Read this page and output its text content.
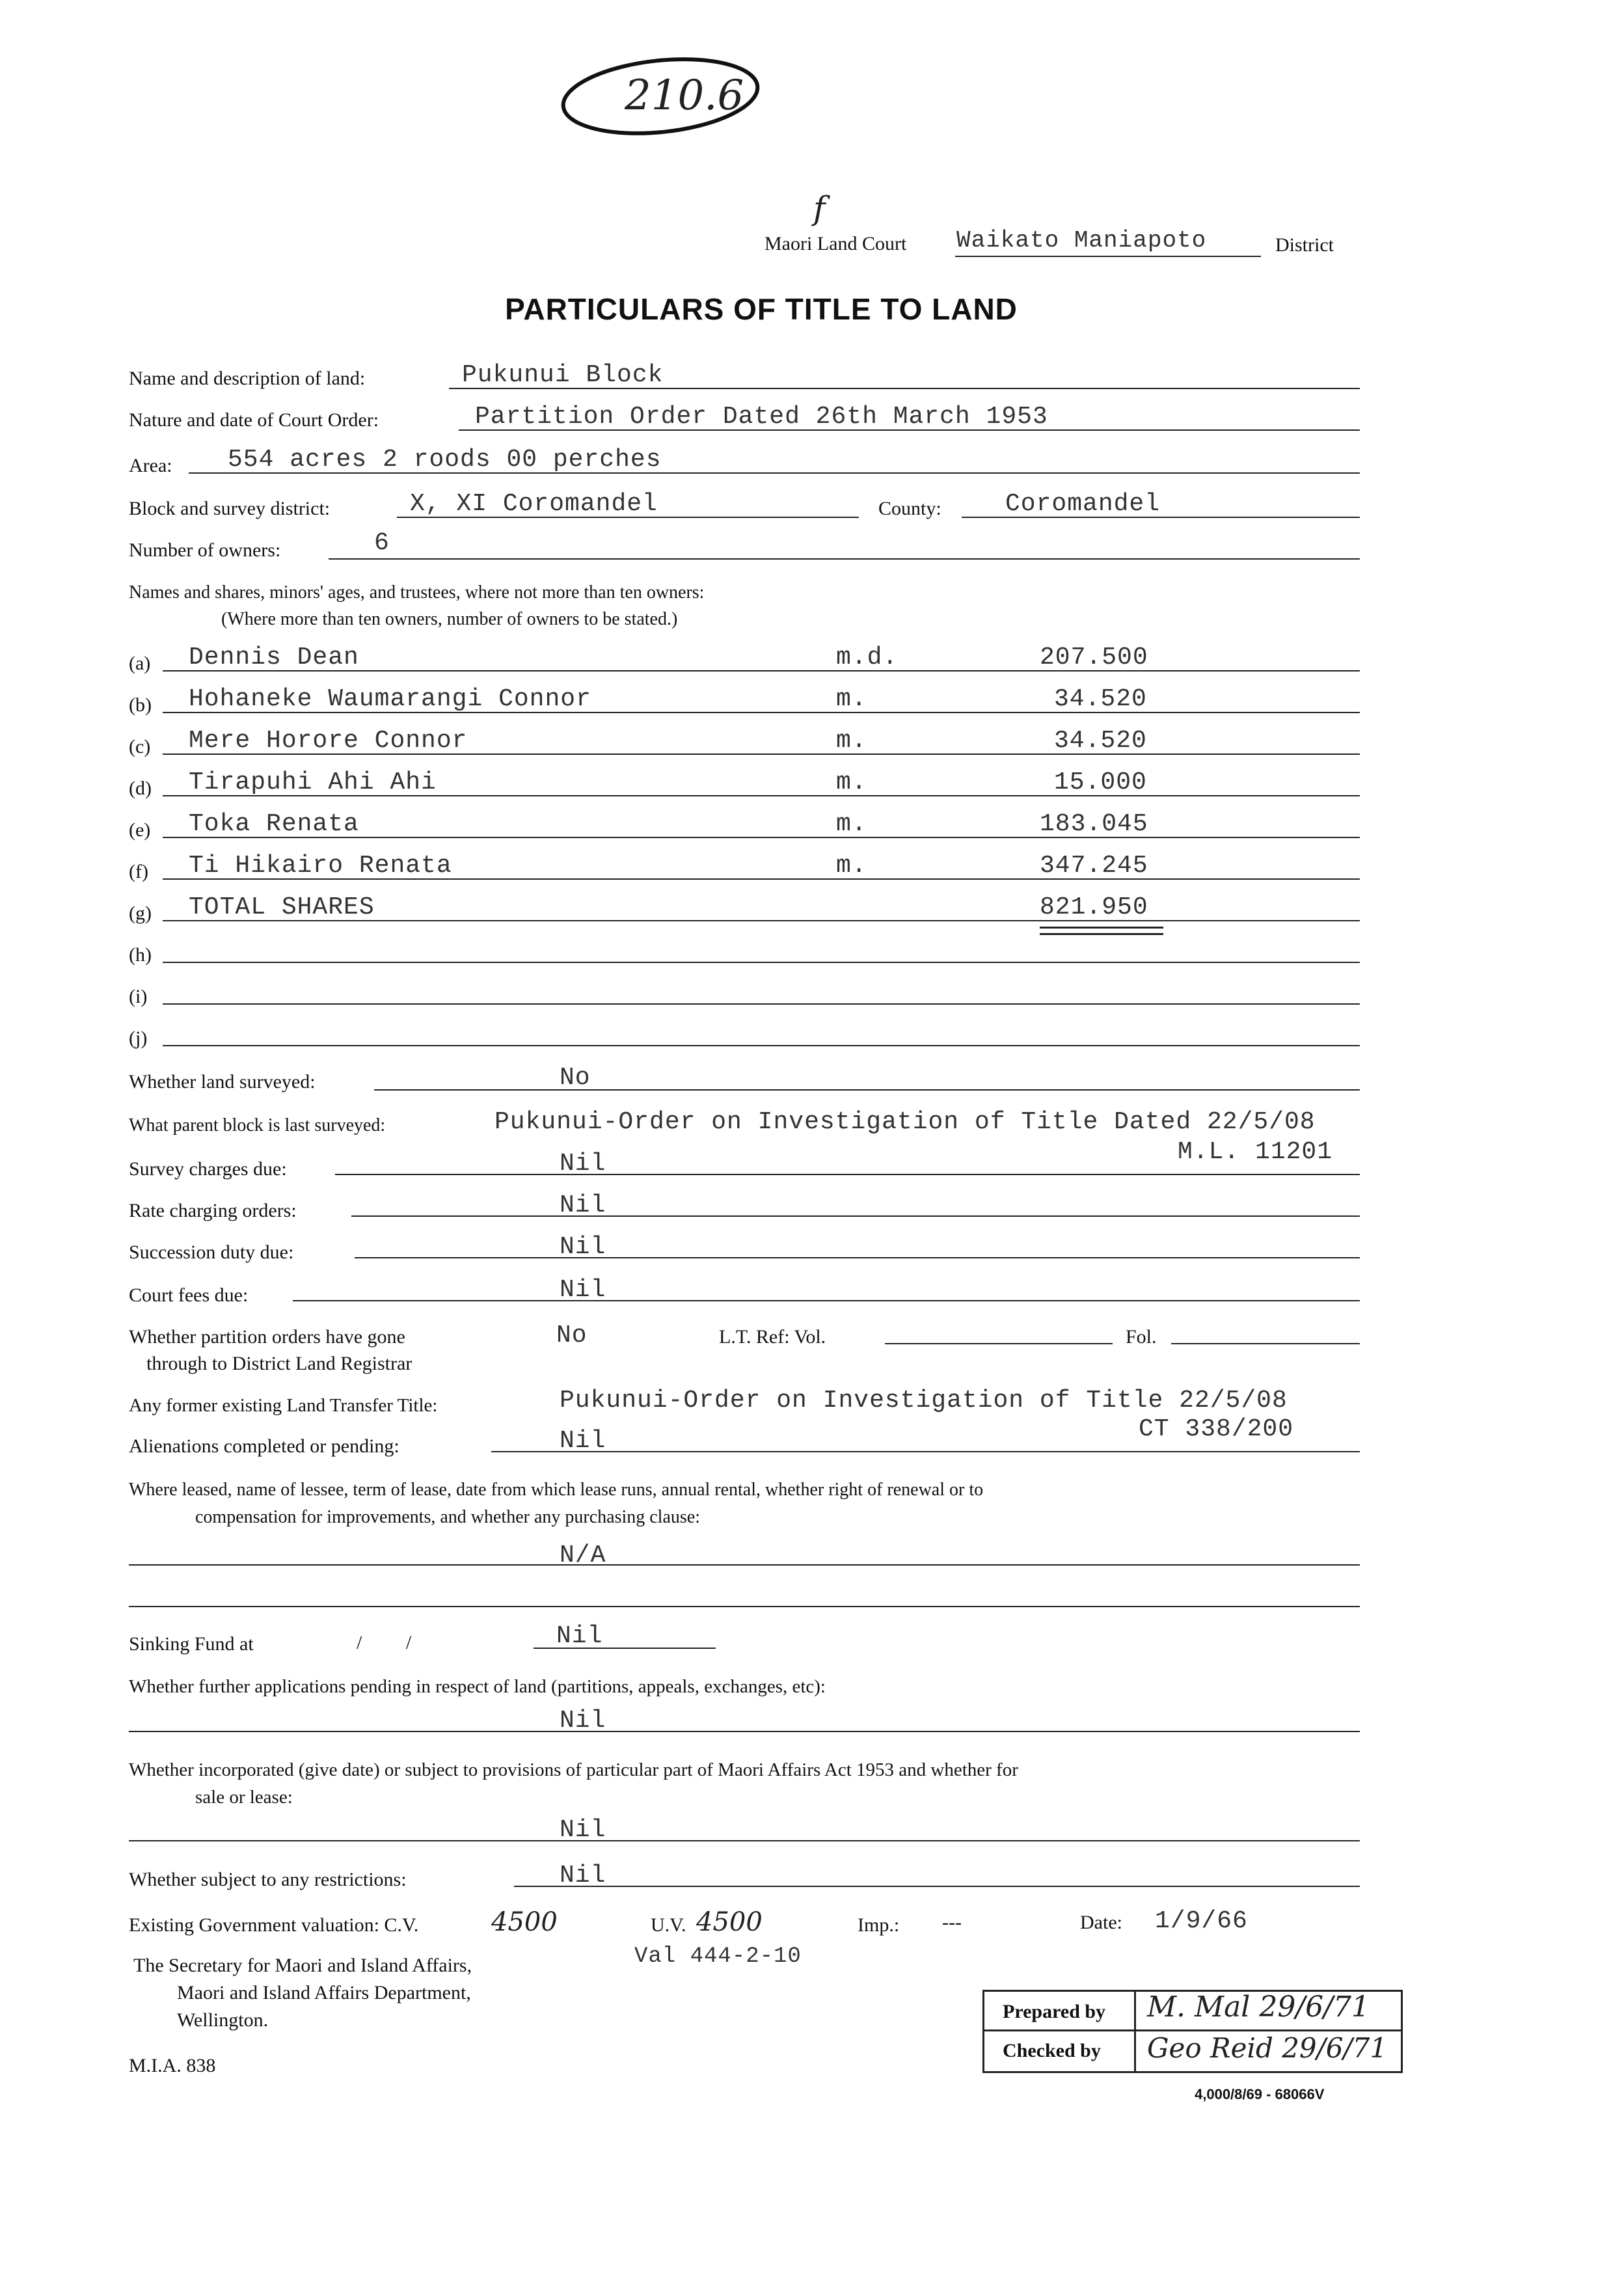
210.6
f
Maori Land Court Waikato Maniapoto	District
PARTICULARS OF TITLE TO LAND
Name and description of land:	Pukunui Block
Nature and date of Court Order:	Partition Order Dated 26th March 1953
Area: 554 acres 2 roods 00 perches
Block and survey district:	X, XI Coromandel	County:	Coromandel
Number of owners:	6
Names and shares, minors' ages, and trustees, where not more than ten owners:
(Where more than ten owners, number of owners to be stated.)
(a) Dennis Dean	m.d.	207.500
(b) Hohaneke Waumarangi Connor	m.	34.520
(c) Mere Horore Connor	m.	34.520
(d) Tirapuhi Ahi Ahi	m.	15.000
(e) Toka Renata	m.	183.045
(f) Ti Hikairo Renata	m.	347.245
(g) TOTAL SHARES	821.950
(h)
(i)
(j)
Whether land surveyed:	No
What parent block is last surveyed:	Pukunui-Order on Investigation of Title Dated 22/5/08
M.L. 11201
Survey charges due:	Nil
Rate charging orders:	Nil
Succession duty due:	Nil
Court fees due:	Nil
Whether partition orders have gone
through to District Land Registrar
No	L.T. Ref: Vol.	Fol.
Any former existing Land Transfer Title:	Pukunui-Order on Investigation of Title 22/5/08
CT 338/200
Alienations completed or pending:	Nil
Where leased, name of lessee, term of lease, date from which lease runs, annual rental, whether right of renewal or to
compensation for improvements, and whether any purchasing clause:
N/A
Sinking Fund at	/         /	Nil
Whether further applications pending in respect of land (partitions, appeals, exchanges, etc):
Nil
Whether incorporated (give date) or subject to provisions of particular part of Maori Affairs Act 1953 and whether for
sale or lease:
Nil
Whether subject to any restrictions:	Nil
Existing Government valuation: C.V.	4500	U.V. 4500	Imp.: ---	Date: 1/9/66
Val 444-2-10
The Secretary for Maori and Island Affairs,
Maori and Island Affairs Department,
Wellington.
M.I.A. 838
Prepared by M. Mal 29/6/71
Checked by Geo Reid 29/6/71
4,000/8/69 - 68066V
